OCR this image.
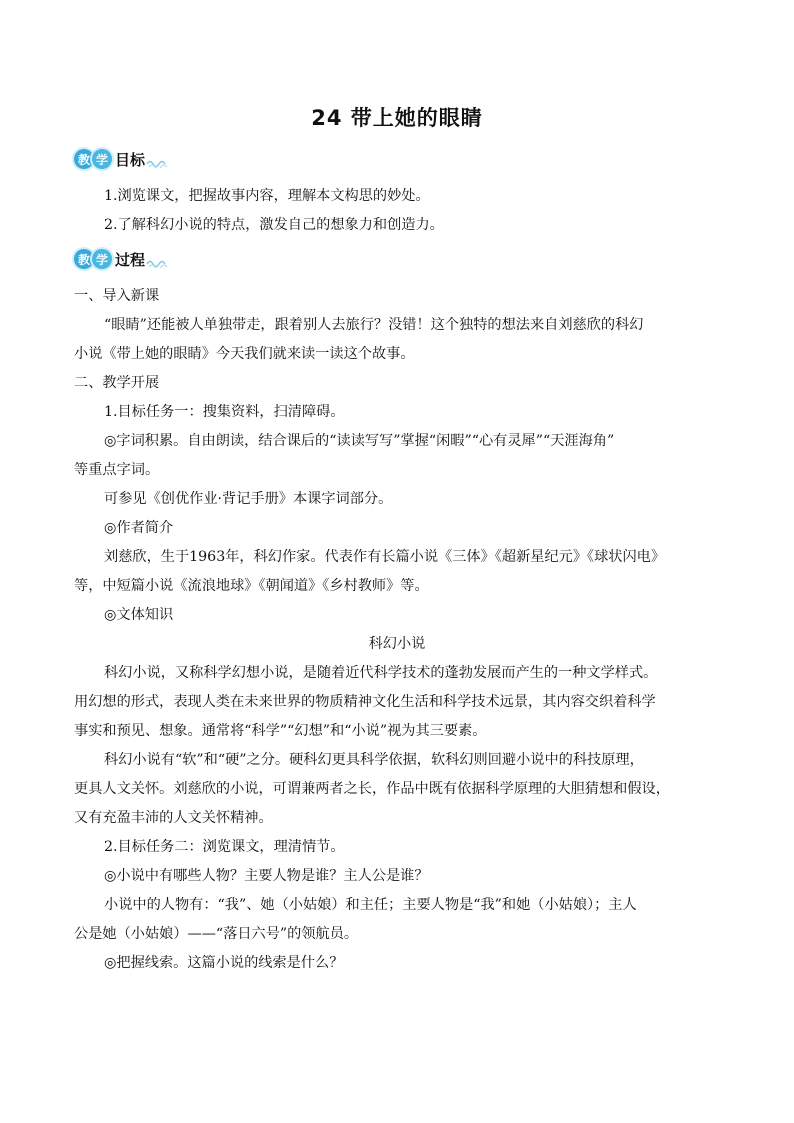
24 带上她的眼睛
教 学 目标
1.浏览课文，把握故事内容，理解本文构思的妙处。
2.了解科幻小说的特点，激发自己的想象力和创造力。
教 学 过程
一、导入新课
“眼睛”还能被人单独带走，跟着别人去旅行？没错！这个独特的想法来自刘慈欣的科幻
小说《带上她的眼睛》今天我们就来读一读这个故事。
二、教学开展
1.目标任务一：搜集资料，扫清障碍。
◎字词积累。自由朗读，结合课后的“读读写写”掌握“闲暇”“心有灵犀”“天涯海角”
等重点字词。
可参见《创优作业·背记手册》本课字词部分。
◎作者简介
刘慈欣，生于1963年，科幻作家。代表作有长篇小说《三体》《超新星纪元》《球状闪电》
等，中短篇小说《流浪地球》《朝闻道》《乡村教师》等。
◎文体知识
科幻小说
科幻小说，又称科学幻想小说，是随着近代科学技术的蓬勃发展而产生的一种文学样式。
用幻想的形式，表现人类在未来世界的物质精神文化生活和科学技术远景，其内容交织着科学
事实和预见、想象。通常将“科学”“幻想”和“小说”视为其三要素。
科幻小说有“软”和“硬”之分。硬科幻更具科学依据，软科幻则回避小说中的科技原理，
更具人文关怀。刘慈欣的小说，可谓兼两者之长，作品中既有依据科学原理的大胆猜想和假设，
又有充盈丰沛的人文关怀精神。
2.目标任务二：浏览课文，理清情节。
◎小说中有哪些人物？主要人物是谁？主人公是谁？
小说中的人物有：“我”、她（小姑娘）和主任；主要人物是“我”和她（小姑娘）；主人
公是她（小姑娘）——“落日六号”的领航员。
◎把握线索。这篇小说的线索是什么？
